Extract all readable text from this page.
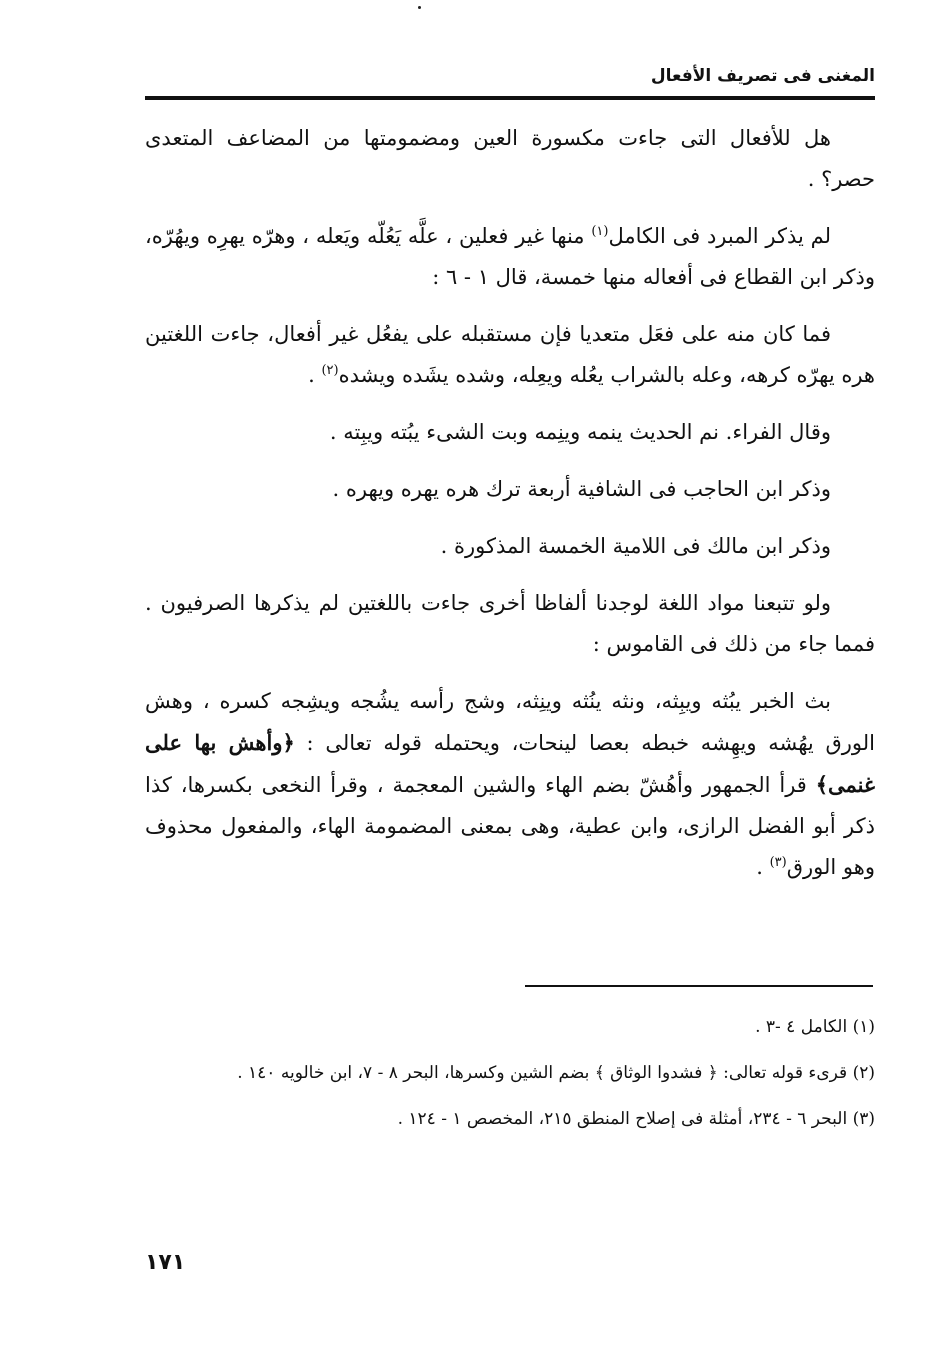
المغنى فى تصريف الأفعال

هل للأفعال التى جاءت مكسورة العين ومضمومتها من المضاعف المتعدى حصر؟ .

لم يذكر المبرد فى الكامل$^{(١)}$ منها غير فعلين ، علَّه يَعُلّه ويَعله ، وهرّه يهرِه ويهُرّه، وذكر ابن القطاع فى أفعاله منها خمسة، قال ١ - ٦ :

فما كان منه على فعَل متعديا فإن مستقبله على يفعُل غير أفعال، جاءت اللغتين هره يهرّه كرهه، وعله بالشراب يعُله ويعِله، وشده يشَده ويشده$^{(٢)}$ .

وقال الفراء. نم الحديث ينمه وينِمه وبت الشىء يبُته ويبِته .

وذكر ابن الحاجب فى الشافية أربعة ترك هره يهره ويهره .

وذكر ابن مالك فى اللامية الخمسة المذكورة .

ولو تتبعنا مواد اللغة لوجدنا ألفاظا أخرى جاءت باللغتين لم يذكرها الصرفيون . فمما جاء من ذلك فى القاموس :

بث الخبر يبُثه ويبِثه، ونثه ينُثه وينِثه، وشج رأسه يشُجه ويشِجه كسره ، وهش الورق يهُشه ويهِشه خبطه بعصا لينحات، ويحتمله قوله تعالى : ﴿وأهش بها على غنمى﴾ قرأ الجمهور وأهُشّ بضم الهاء والشين المعجمة ، وقرأ النخعى بكسرها، كذا ذكر أبو الفضل الرازى، وابن عطية، وهى بمعنى المضمومة الهاء، والمفعول محذوف وهو الورق$^{(٣)}$ .

(١) الكامل ٤ -٣ .

(٢) قرىء قوله تعالى: ﴿ فشدوا الوثاق ﴾ بضم الشين وكسرها، البحر ٨ - ٧، ابن خالويه ١٤٠ .

(٣) البحر ٦ - ٢٣٤، أمثلة فى إصلاح المنطق ٢١٥، المخصص ١ - ١٢٤ .

١٧١
